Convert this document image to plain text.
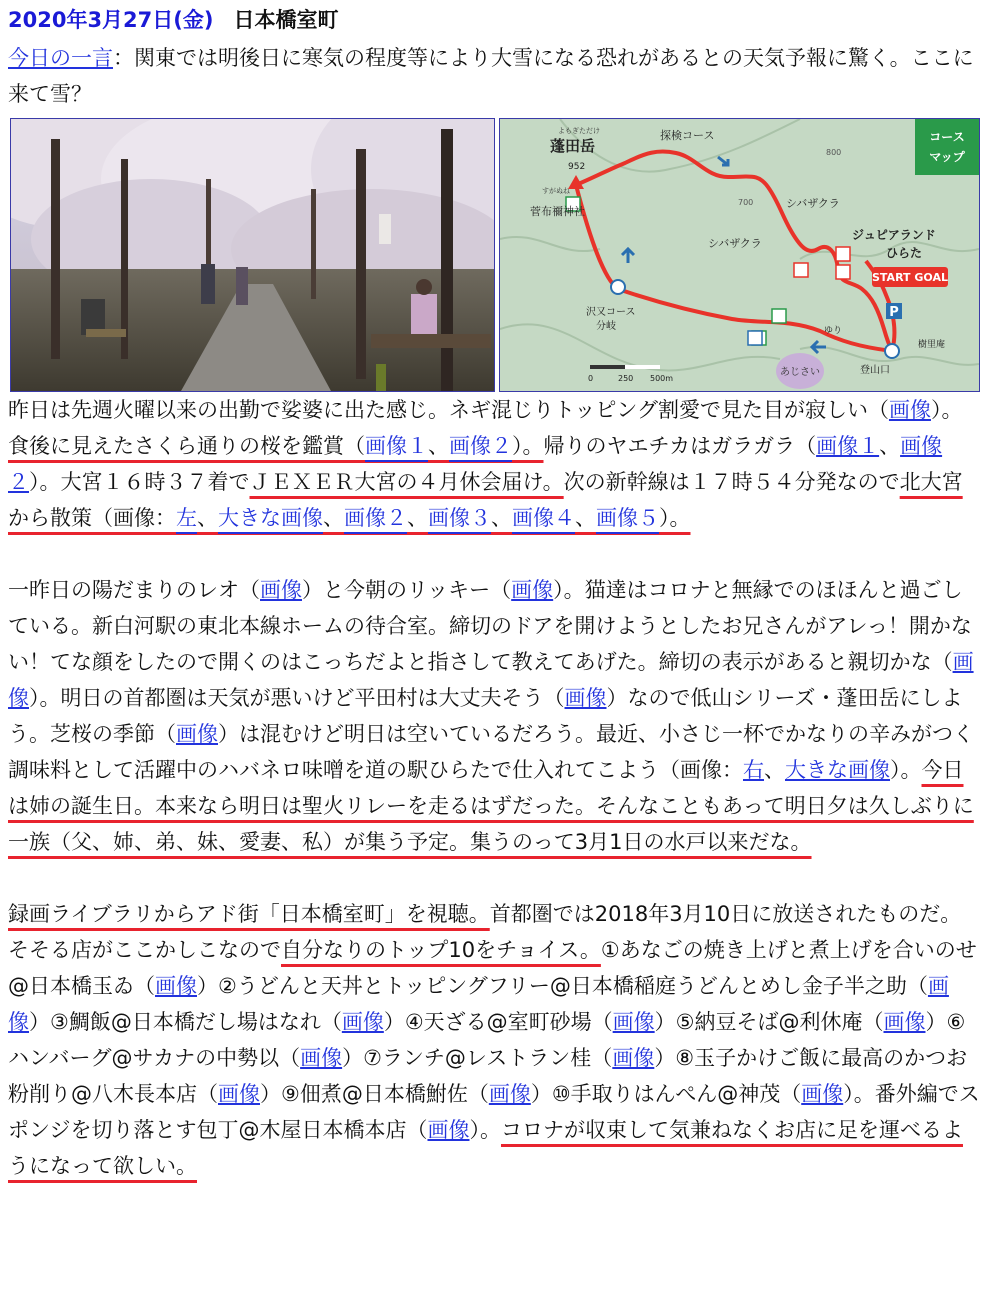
2020年3月27日(金) 日本橋室町
今日の一言：関東では明後日に寒気の程度等により大雪になる恐れがあるとの天気予報に驚く。ここに来て雪？
P
START GOAL
あじさい
コース
マップ
よもぎただけ
蓬田岳
952
すがぬね
菅布禰神社
探検コース
700
800
シバザクラ
シバザクラ
ジュピアランド
ひらた
沢又コース
分岐	ゆり
樹里庵
登山口
0	250 500m

昨日は先週火曜以来の出勤で娑婆に出た感じ。ネギ混じりトッピング割愛で見た目が寂しい（画像）。食後に見えたさくら通りの桜を鑑賞（画像１、画像２）。帰りのヤエチカはガラガラ（画像１、画像２）。大宮１６時３７着でＪＥＸＥＲ大宮の４月休会届け。次の新幹線は１７時５４分発なので北大宮から散策（画像：左、大きな画像、画像２、画像３、画像４、画像５）。

一昨日の陽だまりのレオ（画像）と今朝のリッキー（画像）。猫達はコロナと無縁でのほほんと過ごしている。新白河駅の東北本線ホームの待合室。締切のドアを開けようとしたお兄さんがアレっ！開かない！てな顔をしたので開くのはこっちだよと指さして教えてあげた。締切の表示があると親切かな（画像）。明日の首都圏は天気が悪いけど平田村は大丈夫そう（画像）なので低山シリーズ・蓬田岳にしよう。芝桜の季節（画像）は混むけど明日は空いているだろう。最近、小さじ一杯でかなりの辛みがつく調味料として活躍中のハバネロ味噌を道の駅ひらたで仕入れてこよう（画像：右、大きな画像）。今日は姉の誕生日。本来なら明日は聖火リレーを走るはずだった。そんなこともあって明日夕は久しぶりに一族（父、姉、弟、妹、愛妻、私）が集う予定。集うのって3月1日の水戸以来だな。

録画ライブラリからアド街「日本橋室町」を視聴。首都圏では2018年3月10日に放送されたものだ。そそる店がここかしこなので自分なりのトップ10をチョイス。①あなごの焼き上げと煮上げを合いのせ@日本橋玉ゐ（画像）②うどんと天丼とトッピングフリー@日本橋稲庭うどんとめし金子半之助（画像）③鯛飯@日本橋だし場はなれ（画像）④天ざる@室町砂場（画像）⑤納豆そば@利休庵（画像）⑥ハンバーグ@サカナの中勢以（画像）⑦ランチ@レストラン桂（画像）⑧玉子かけご飯に最高のかつお粉削り@八木長本店（画像）⑨佃煮@日本橋鮒佐（画像）⑩手取りはんぺん@神茂（画像）。番外編でスポンジを切り落とす包丁@木屋日本橋本店（画像）。コロナが収束して気兼ねなくお店に足を運べるようになって欲しい。
